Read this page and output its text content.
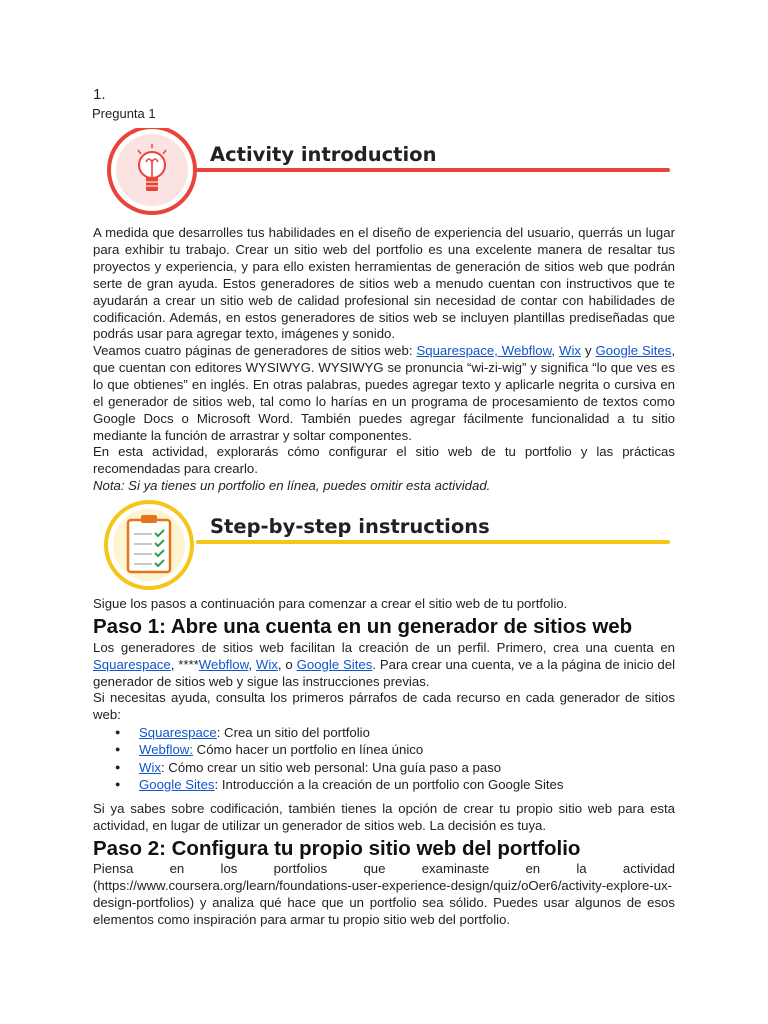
1.
Pregunta 1
Activity introduction
A medida que desarrolles tus habilidades en el diseño de experiencia del usuario, querrás un lugar para exhibir tu trabajo. Crear un sitio web del portfolio es una excelente manera de resaltar tus proyectos y experiencia, y para ello existen herramientas de generación de sitios web que podrán serte de gran ayuda. Estos generadores de sitios web a menudo cuentan con instructivos que te ayudarán a crear un sitio web de calidad profesional sin necesidad de contar con habilidades de codificación. Además, en estos generadores de sitios web se incluyen plantillas prediseñadas que podrás usar para agregar texto, imágenes y sonido.
Veamos cuatro páginas de generadores de sitios web: Squarespace, Webflow, Wix y Google Sites, que cuentan con editores WYSIWYG. WYSIWYG se pronuncia “wi-zi-wig” y significa “lo que ves es lo que obtienes” en inglés. En otras palabras, puedes agregar texto y aplicarle negrita o cursiva en el generador de sitios web, tal como lo harías en un programa de procesamiento de textos como Google Docs o Microsoft Word. También puedes agregar fácilmente funcionalidad a tu sitio mediante la función de arrastrar y soltar componentes.
En esta actividad, explorarás cómo configurar el sitio web de tu portfolio y las prácticas recomendadas para crearlo.
Nota: Si ya tienes un portfolio en línea, puedes omitir esta actividad.
Step-by-step instructions
Sigue los pasos a continuación para comenzar a crear el sitio web de tu portfolio.
Paso 1: Abre una cuenta en un generador de sitios web
Los generadores de sitios web facilitan la creación de un perfil. Primero, crea una cuenta en Squarespace, ****Webflow, Wix, o Google Sites. Para crear una cuenta, ve a la página de inicio del generador de sitios web y sigue las instrucciones previas.
Si necesitas ayuda, consulta los primeros párrafos de cada recurso en cada generador de sitios web:
● Squarespace: Crea un sitio del portfolio
● Webflow: Cómo hacer un portfolio en línea único
● Wix: Cómo crear un sitio web personal: Una guía paso a paso
● Google Sites: Introducción a la creación de un portfolio con Google Sites
Si ya sabes sobre codificación, también tienes la opción de crear tu propio sitio web para esta actividad, en lugar de utilizar un generador de sitios web. La decisión es tuya.
Paso 2: Configura tu propio sitio web del portfolio
Piensa	en	los	portfolios	que	examinaste	en	la	actividad
(https://www.coursera.org/learn/foundations-user-experience-design/quiz/oOer6/activity-explore-ux-design-portfolios) y analiza qué hace que un portfolio sea sólido. Puedes usar algunos de esos elementos como inspiración para armar tu propio sitio web del portfolio.
